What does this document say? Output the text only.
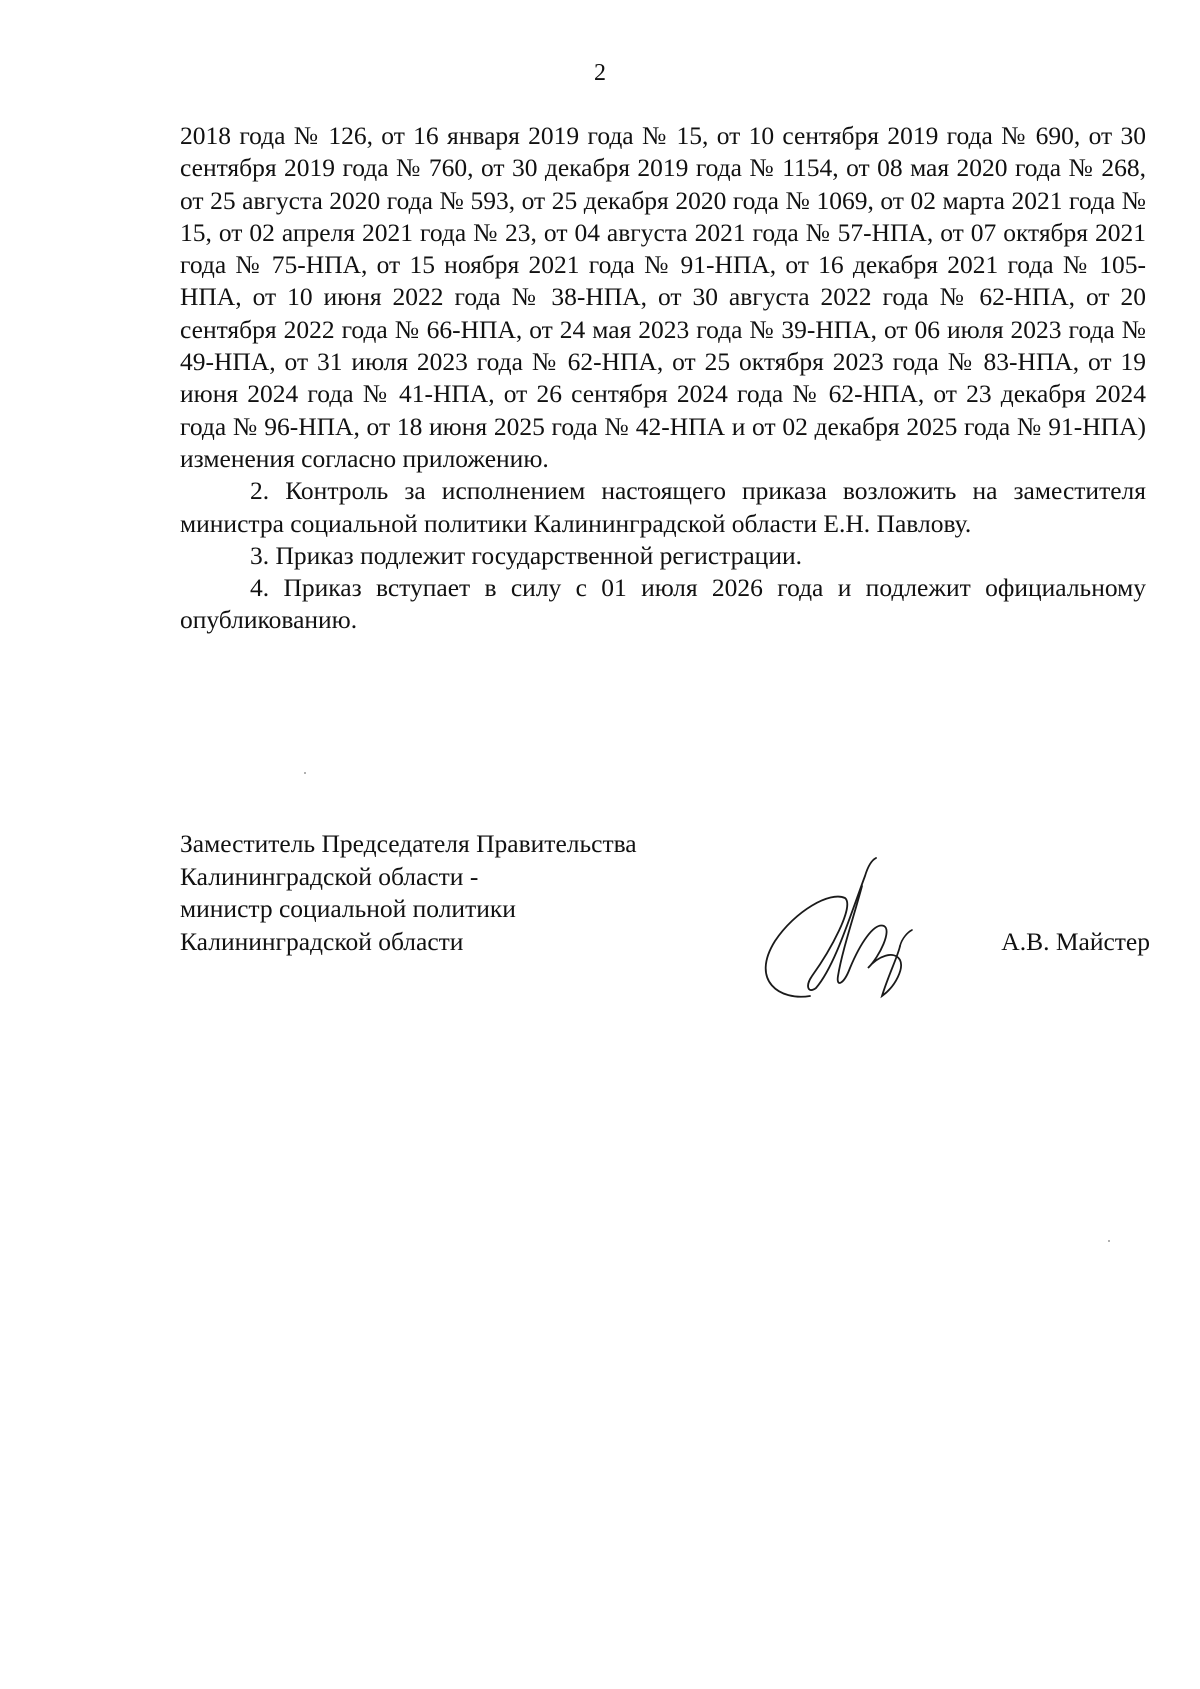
2

2018 года № 126, от 16 января 2019 года № 15, от 10 сентября 2019 года № 690, от 30 сентября 2019 года № 760, от 30 декабря 2019 года № 1154, от 08 мая 2020 года № 268, от 25 августа 2020 года № 593, от 25 декабря 2020 года № 1069, от 02 марта 2021 года № 15, от 02 апреля 2021 года № 23, от 04 августа 2021 года № 57-НПА, от 07 октября 2021 года № 75-НПА, от 15 ноября 2021 года № 91-НПА, от 16 декабря 2021 года № 105-НПА, от 10 июня 2022 года № 38-НПА, от 30 августа 2022 года № 62-НПА, от 20 сентября 2022 года № 66-НПА, от 24 мая 2023 года № 39-НПА, от 06 июля 2023 года № 49-НПА, от 31 июля 2023 года № 62-НПА, от 25 октября 2023 года № 83-НПА, от 19 июня 2024 года № 41-НПА, от 26 сентября 2024 года № 62-НПА, от 23 декабря 2024 года № 96-НПА, от 18 июня 2025 года № 42-НПА и от 02 декабря 2025 года № 91-НПА) изменения согласно приложению.

2. Контроль за исполнением настоящего приказа возложить на заместителя министра социальной политики Калининградской области Е.Н. Павлову.

3. Приказ подлежит государственной регистрации.

4. Приказ вступает в силу с 01 июля 2026 года и подлежит официальному опубликованию.

Заместитель Председателя Правительства
Калининградской области -
министр социальной политики
Калининградской области	А.В. Майстер
